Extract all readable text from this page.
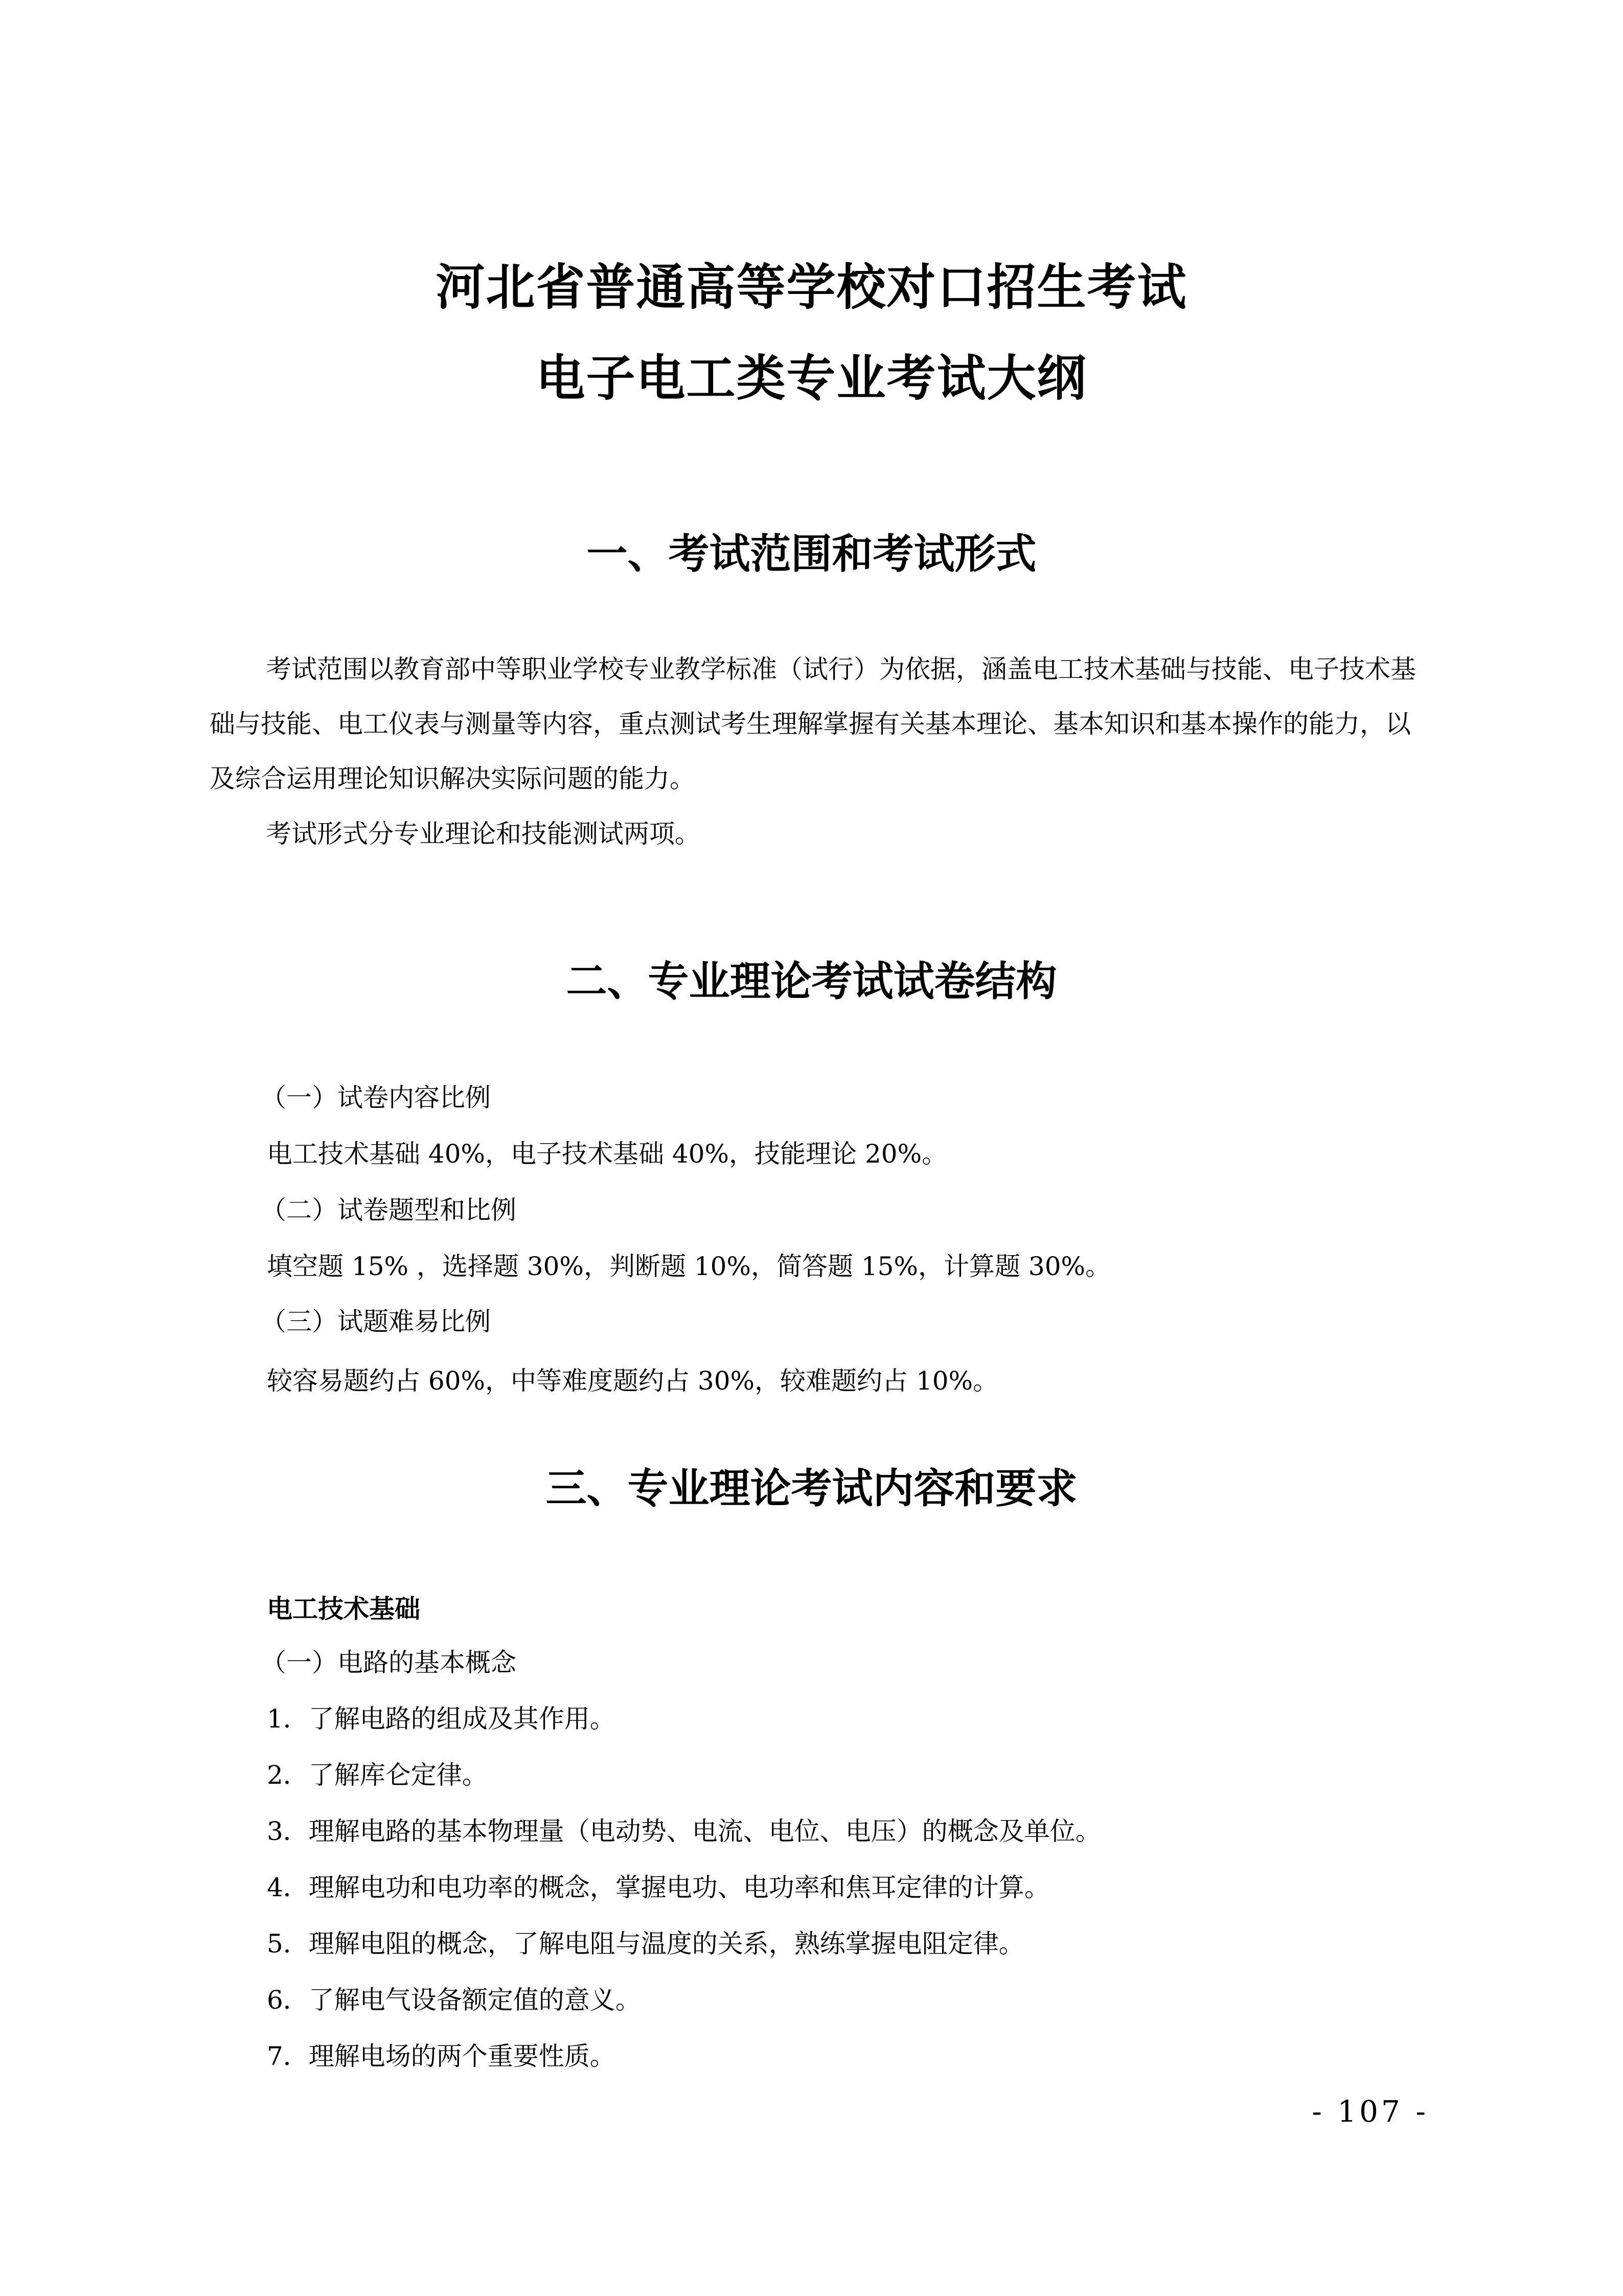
河北省普通高等学校对口招生考试
电子电工类专业考试大纲
一、考试范围和考试形式

考试范围以教育部中等职业学校专业教学标准（试行）为依据，涵盖电工技术基础与技能、电子技术基础与技能、电工仪表与测量等内容，重点测试考生理解掌握有关基本理论、基本知识和基本操作的能力，以及综合运用理论知识解决实际问题的能力。

考试形式分专业理论和技能测试两项。

二、专业理论考试试卷结构
（一）试卷内容比例
电工技术基础 40%，电子技术基础 40%，技能理论 20%。
（二）试卷题型和比例
填空题 15% ，选择题 30%，判断题 10%，简答题 15%，计算题 30%。
（三）试题难易比例
较容易题约占 60%，中等难度题约占 30%，较难题约占 10%。
三、专业理论考试内容和要求
电工技术基础
（一）电路的基本概念
1．了解电路的组成及其作用。
2．了解库仑定律。
3．理解电路的基本物理量（电动势、电流、电位、电压）的概念及单位。
4．理解电功和电功率的概念，掌握电功、电功率和焦耳定律的计算。
5．理解电阻的概念，了解电阻与温度的关系，熟练掌握电阻定律。
6．了解电气设备额定值的意义。
7．理解电场的两个重要性质。
- 107 -
